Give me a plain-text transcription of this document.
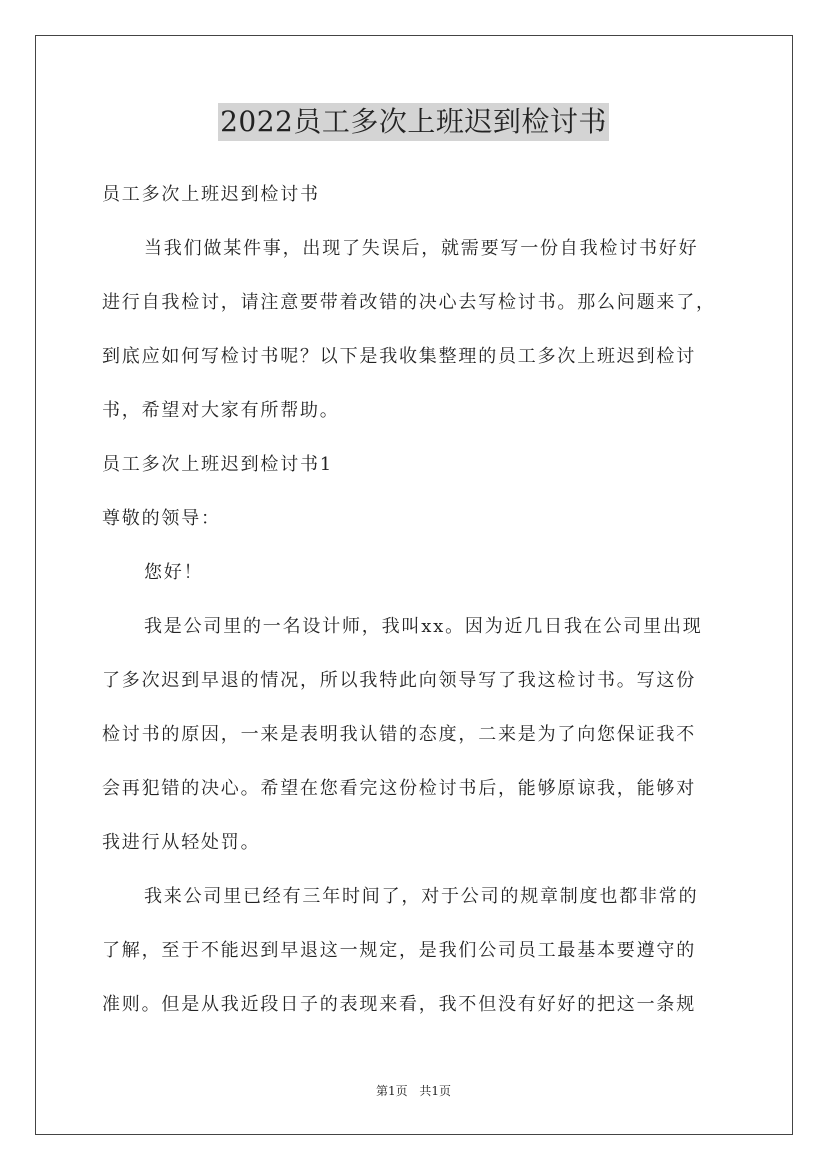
2022员工多次上班迟到检讨书
员工多次上班迟到检讨书
当我们做某件事，出现了失误后，就需要写一份自我检讨书好好
进行自我检讨，请注意要带着改错的决心去写检讨书。那么问题来了，
到底应如何写检讨书呢？以下是我收集整理的员工多次上班迟到检讨
书，希望对大家有所帮助。
员工多次上班迟到检讨书1
尊敬的领导：
您好！
我是公司里的一名设计师，我叫xx。因为近几日我在公司里出现
了多次迟到早退的情况，所以我特此向领导写了我这检讨书。写这份
检讨书的原因，一来是表明我认错的态度，二来是为了向您保证我不
会再犯错的决心。希望在您看完这份检讨书后，能够原谅我，能够对
我进行从轻处罚。
我来公司里已经有三年时间了，对于公司的规章制度也都非常的
了解，至于不能迟到早退这一规定，是我们公司员工最基本要遵守的
准则。但是从我近段日子的表现来看，我不但没有好好的把这一条规
第1页 共1页
